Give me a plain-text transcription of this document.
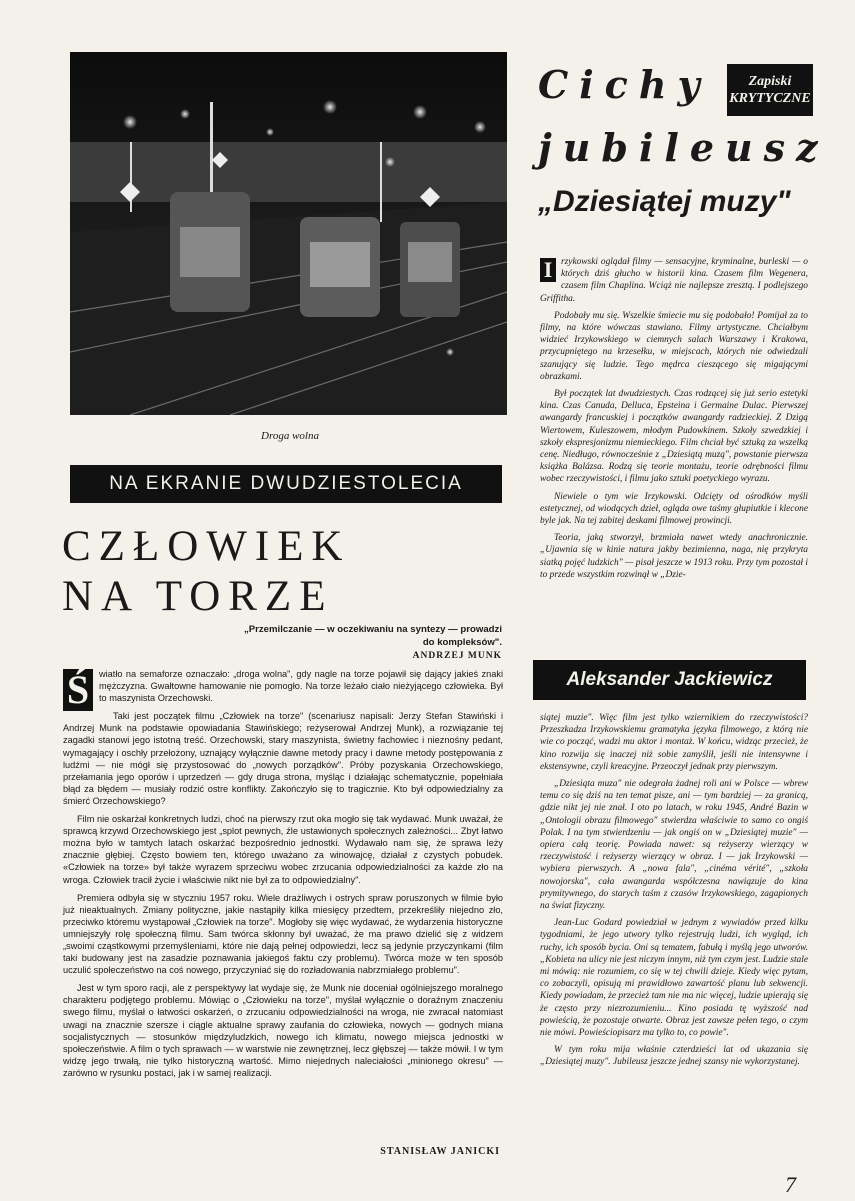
Droga wolna
NA EKRANIE DWUDZIESTOLECIA
CZŁOWIEK
NA TORZE
„Przemilczanie — w oczekiwaniu na syntezy — prowadzi do kompleksów".
ANDRZEJ MUNK

Ś	wiatło na semaforze oznaczało: „droga wolna", gdy nagle na torze pojawił się dający jakieś znaki mężczyzna. Gwałtowne hamowanie nie pomogło. Na torze leżało ciało nieżyjącego człowieka. Był to maszynista Orzechowski.

Taki jest początek filmu „Człowiek na torze" (scenariusz napisali: Jerzy Stefan Stawiński i Andrzej Munk na podstawie opowiadania Stawińskiego; reżyserował Andrzej Munk), a rozwiązanie tej zagadki stanowi jego istotną treść. Orzechowski, stary maszynista, świetny fachowiec i nieznośny pedant, wymagający i oschły przełożony, uznający wyłącznie dawne metody pracy i dawne metody postępowania z ludźmi — nie mógł się przystosować do „nowych porządków". Próby pozyskania Orzechowskiego, przełamania jego oporów i uprzedzeń — gdy druga strona, myśląc i działając schematycznie, popełniała błąd za błędem — musiały rodzić ostre konflikty. Zakończyło się to tragicznie. Kto był odpowiedzialny za śmierć Orzechowskiego?

Film nie oskarżał konkretnych ludzi, choć na pierwszy rzut oka mogło się tak wydawać. Munk uważał, że sprawcą krzywd Orzechowskiego jest „splot pewnych, źle ustawionych społecznych zależności... Zbyt łatwo można było w tamtych latach oskarżać bezpośrednio jednostki. Wydawało nam się, że sprawa leży znacznie głębiej. Często bowiem ten, którego uważano za winowajcę, działał z czystych pobudek. «Człowiek na torze» był także wyrazem sprzeciwu wobec zrzucania odpowiedzialności za każde zło na wroga. Człowiek tracił życie i właściwie nikt nie był za to odpowiedzialny".

Premiera odbyła się w styczniu 1957 roku. Wiele drażliwych i ostrych spraw poruszonych w filmie było już nieaktualnych. Zmiany polityczne, jakie nastąpiły kilka miesięcy przedtem, przekreśliły niejedno zło, przeciwko któremu wystąpował „Człowiek na torze". Mogłoby się więc wydawać, że wydarzenia historyczne umniejszyły rolę społeczną filmu. Sam twórca skłonny był uważać, że ma prawo dzielić się z widzem „swoimi cząstkowymi przemyśleniami, które nie dają pełnej odpowiedzi, lecz są jedynie przyczynkami (film taki budowany jest na zasadzie poznawania jakiegoś faktu czy problemu). Twórca może w ten sposób uczulić społeczeństwo na coś nowego, przyczyniać się do rozładowania nabrzmiałego problemu".

Jest w tym sporo racji, ale z perspektywy lat wydaje się, że Munk nie doceniał ogólniejszego moralnego charakteru podjętego problemu. Mówiąc o „Człowieku na torze", myślał wyłącznie o doraźnym znaczeniu swego filmu, myślał o łatwości oskarżeń, o zrzucaniu odpowiedzialności na wroga, nie zwracał natomiast uwagi na znacznie szersze i ciągle aktualne sprawy zaufania do człowieka, nowych — godnych miana socjalistycznych — stosunków międzyludzkich, nowego ich klimatu, nowego miejsca jednostki w społeczeństwie. A film o tych sprawach — w warstwie nie zewnętrznej, lecz głębszej — także mówił. I w tym widzę jego trwałą, nie tylko historyczną wartość. Mimo niejednych naleciałości „minionego okresu" — zarówno w rysunku postaci, jak i w samej realizacji.

STANISŁAW JANICKI
Cichy
jubileusz
„Dziesiątej muzy"
Zapiski
KRYTYCZNE

I rzykowski oglądał filmy — sensacyjne, kryminalne, burleski — o których dziś głucho w historii kina. Czasem film Wegenera, czasem film Chaplina. Wciąż nie najlepsze zresztą. I podlejszego Griffitha.

Podobały mu się. Wszelkie śmiecie mu się podobało! Pomijał za to filmy, na które wówczas stawiano. Filmy artystyczne. Chciałbym widzieć Irzykowskiego w ciemnych salach Warszawy i Krakowa, przycupniętego na krzesełku, w miejscach, których nie odwiedzali szanujący się ludzie. Tego mędrca cieszącego się migającymi obrazkami.

Był początek lat dwudziestych. Czas rodzącej się już serio estetyki kina. Czas Canuda, Delluca, Epsteina i Germaine Dulac. Pierwszej awangardy francuskiej i początków awangardy radzieckiej. Z Dzigą Wiertowem, Kuleszowem, młodym Pudowkinem. Szkoły szwedzkiej i szkoły ekspresjonizmu niemieckiego. Film chciał być sztuką za wszelką cenę. Niedługo, równocześnie z „Dziesiątą muzą", powstanie pierwsza książka Balázsa. Rodzą się teorie montażu, teorie odrębności filmu wobec rzeczywistości, i filmu jako sztuki poetyckiego wyrazu.

Niewiele o tym wie Irzykowski. Odcięty od ośrodków myśli estetycznej, od wiodących dzieł, ogląda owe taśmy głupiutkie i klecone byle jak. Na tej zabitej deskami filmowej prowincji.

Teoria, jaką stworzył, brzmiała nawet wtedy anachronicznie. „Ujawnia się w kinie natura jakby bezimienna, naga, nię przykryta siatką pojęć ludzkich" — pisał jeszcze w 1913 roku. Przy tym pozostał i to przede wszystkim rozwinął w „Dzie-

Aleksander Jackiewicz

siątej muzie". Więc film jest tylko wziernikiem do rzeczywistości? Przeszkadza Irzykowskiemu gramatyka języka filmowego, z którą nie wie co począć, wadzi mu aktor i montaż. W końcu, widząc przecież, że kino rozwija się inaczej niż sobie zamyślił, jeśli nie intensywne i ekstensywne, czyli kreacyjne. Przeoczył jednak przy pierwszym.

„Dziesiąta muza" nie odegrała żadnej roli ani w Polsce — wbrew temu co się dziś na ten temat pisze, ani — tym bardziej — za granicą, gdzie nikt jej nie znał. I oto po latach, w roku 1945, André Bazin w „Ontologii obrazu filmowego" stwierdza właściwie to samo co ongiś Polak. I na tym stwierdzeniu — jak ongiś on w „Dziesiątej muzie" — opiera całą teorię. Powiada nawet: są reżyserzy wierzący w rzeczywistość i reżyserzy wierzący w obraz. I — jak Irzykowski — wybiera pierwszych. A „nowa fala", „cinéma vérité", „szkoła nowojorska", cała awangarda współczesna nawiązuje do kina prymitywnego, do starych taśm z czasów Irzykowskiego, zagapionych na świat fizyczny.

Jean-Luc Godard powiedział w jednym z wywiadów przed kilku tygodniami, że jego utwory tylko rejestrują ludzi, ich wygląd, ich ruchy, ich sposób bycia. Oni są tematem, fabułą i myślą jego utworów. „Kobieta na ulicy nie jest niczym innym, niż tym czym jest. Ludzie stale mi mówią: nie rozumiem, co się w tej chwili dzieje. Kiedy więc pytam, co zobaczyli, opisują mi prawidłowo zawartość planu lub sekwencji. Kiedy powiadam, że przecież tam nie ma nic więcej, ludzie upierają się że często przy niezrozumieniu... Kino posiada tę wyższość nad powieścią, że pozostaje otwarte. Obraz jest zawsze pełen tego, o czym nie mówi. Powieściopisarz ma tylko to, co powie".

W tym roku mija właśnie czterdzieści lat od ukazania się „Dziesiątej muzy". Jubileusz jeszcze jednej szansy nie wykorzystanej.

7
